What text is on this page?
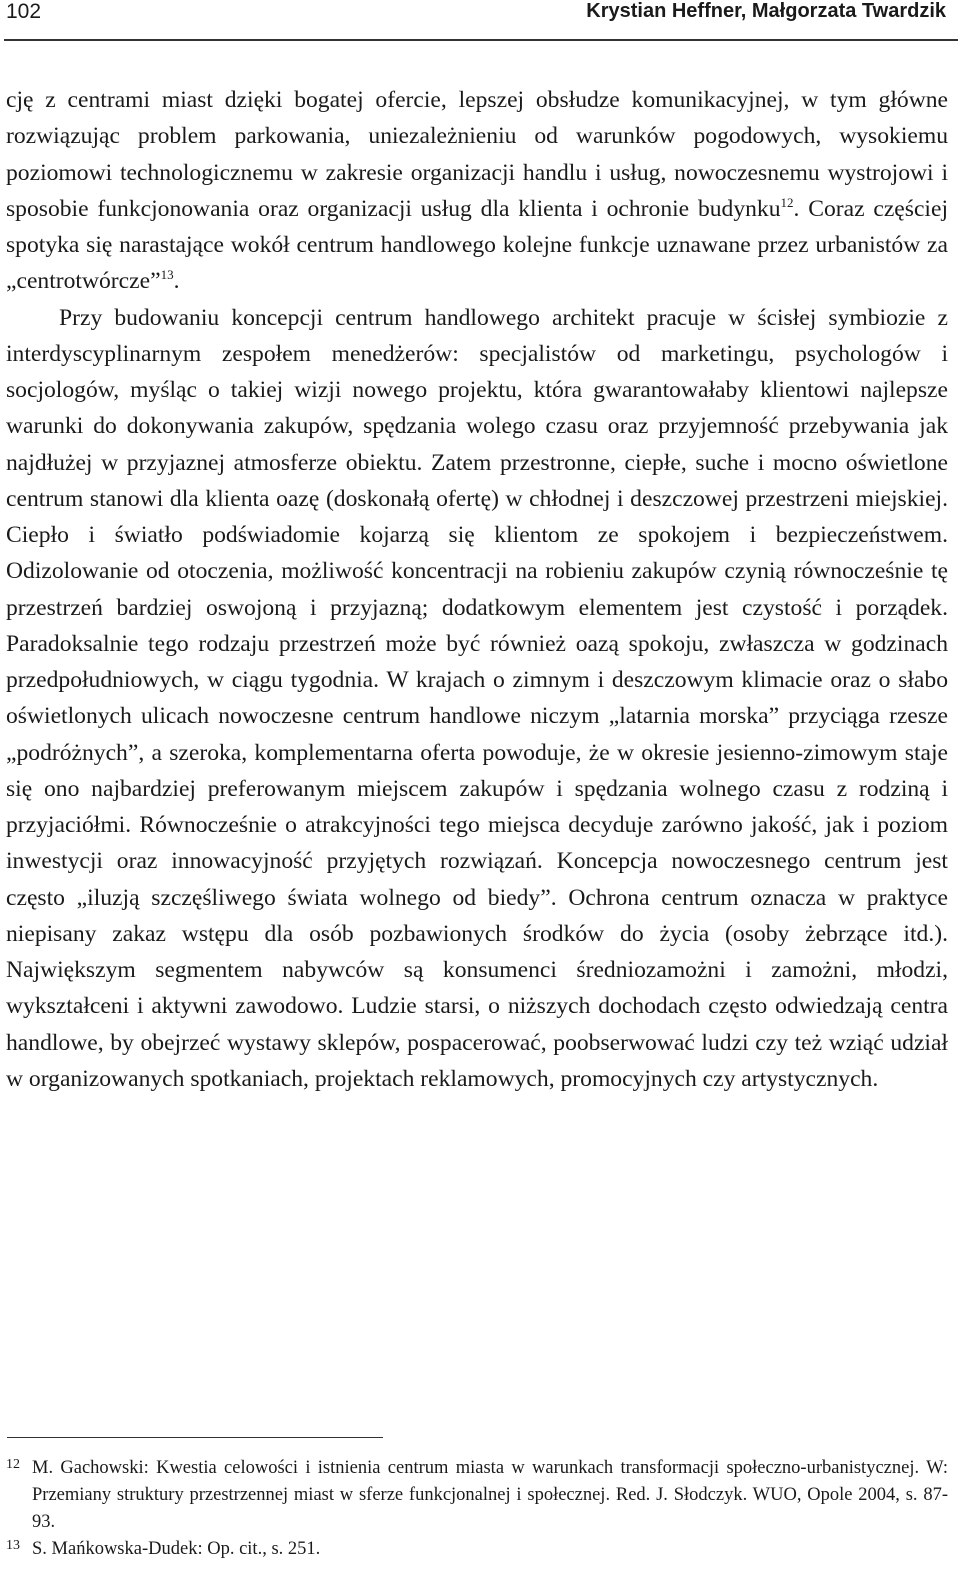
102	Krystian Heffner, Małgorzata Twardzik

cję z centrami miast dzięki bogatej ofercie, lepszej obsłudze komunikacyjnej, w tym główne rozwiązując problem parkowania, uniezależnieniu od warunków pogodowych, wysokiemu poziomowi technologicznemu w zakresie organizacji handlu i usług, nowoczesnemu wystrojowi i sposobie funkcjonowania oraz organizacji usług dla klienta i ochronie budynku$^{12}$. Coraz częściej spotyka się narastające wokół centrum handlowego kolejne funkcje uznawane przez urbanistów za „centrotwórcze”$^{13}$.

Przy budowaniu koncepcji centrum handlowego architekt pracuje w ścisłej symbiozie z interdyscyplinarnym zespołem menedżerów: specjalistów od marketingu, psychologów i socjologów, myśląc o takiej wizji nowego projektu, która gwarantowałaby klientowi najlepsze warunki do dokonywania zakupów, spędzania wolego czasu oraz przyjemność przebywania jak najdłużej w przyjaznej atmosferze obiektu. Zatem przestronne, ciepłe, suche i mocno oświetlone centrum stanowi dla klienta oazę (doskonałą ofertę) w chłodnej i deszczowej przestrzeni miejskiej. Ciepło i światło podświadomie kojarzą się klientom ze spokojem i bezpieczeństwem. Odizolowanie od otoczenia, możliwość koncentracji na robieniu zakupów czynią równocześnie tę przestrzeń bardziej oswojoną i przyjazną; dodatkowym elementem jest czystość i porządek. Paradoksalnie tego rodzaju przestrzeń może być również oazą spokoju, zwłaszcza w godzinach przedpołudniowych, w ciągu tygodnia. W krajach o zimnym i deszczowym klimacie oraz o słabo oświetlonych ulicach nowoczesne centrum handlowe niczym „latarnia morska” przyciąga rzesze „podróżnych”, a szeroka, komplementarna oferta powoduje, że w okresie jesienno-zimowym staje się ono najbardziej preferowanym miejscem zakupów i spędzania wolnego czasu z rodziną i przyjaciółmi. Równocześnie o atrakcyjności tego miejsca decyduje zarówno jakość, jak i poziom inwestycji oraz innowacyjność przyjętych rozwiązań. Koncepcja nowoczesnego centrum jest często „iluzją szczęśliwego świata wolnego od biedy”. Ochrona centrum oznacza w praktyce niepisany zakaz wstępu dla osób pozbawionych środków do życia (osoby żebrzące itd.). Największym segmentem nabywców są konsumenci średniozamożni i zamożni, młodzi, wykształceni i aktywni zawodowo. Ludzie starsi, o niższych dochodach często odwiedzają centra handlowe, by obejrzeć wystawy sklepów, pospacerować, poobserwować ludzi czy też wziąć udział w organizowanych spotkaniach, projektach reklamowych, promocyjnych czy artystycznych.

12 M. Gachowski: Kwestia celowości i istnienia centrum miasta w warunkach transformacji społeczno-urbanistycznej. W: Przemiany struktury przestrzennej miast w sferze funkcjonalnej i społecznej. Red. J. Słodczyk. WUO, Opole 2004, s. 87-93.
13 S. Mańkowska-Dudek: Op. cit., s. 251.
